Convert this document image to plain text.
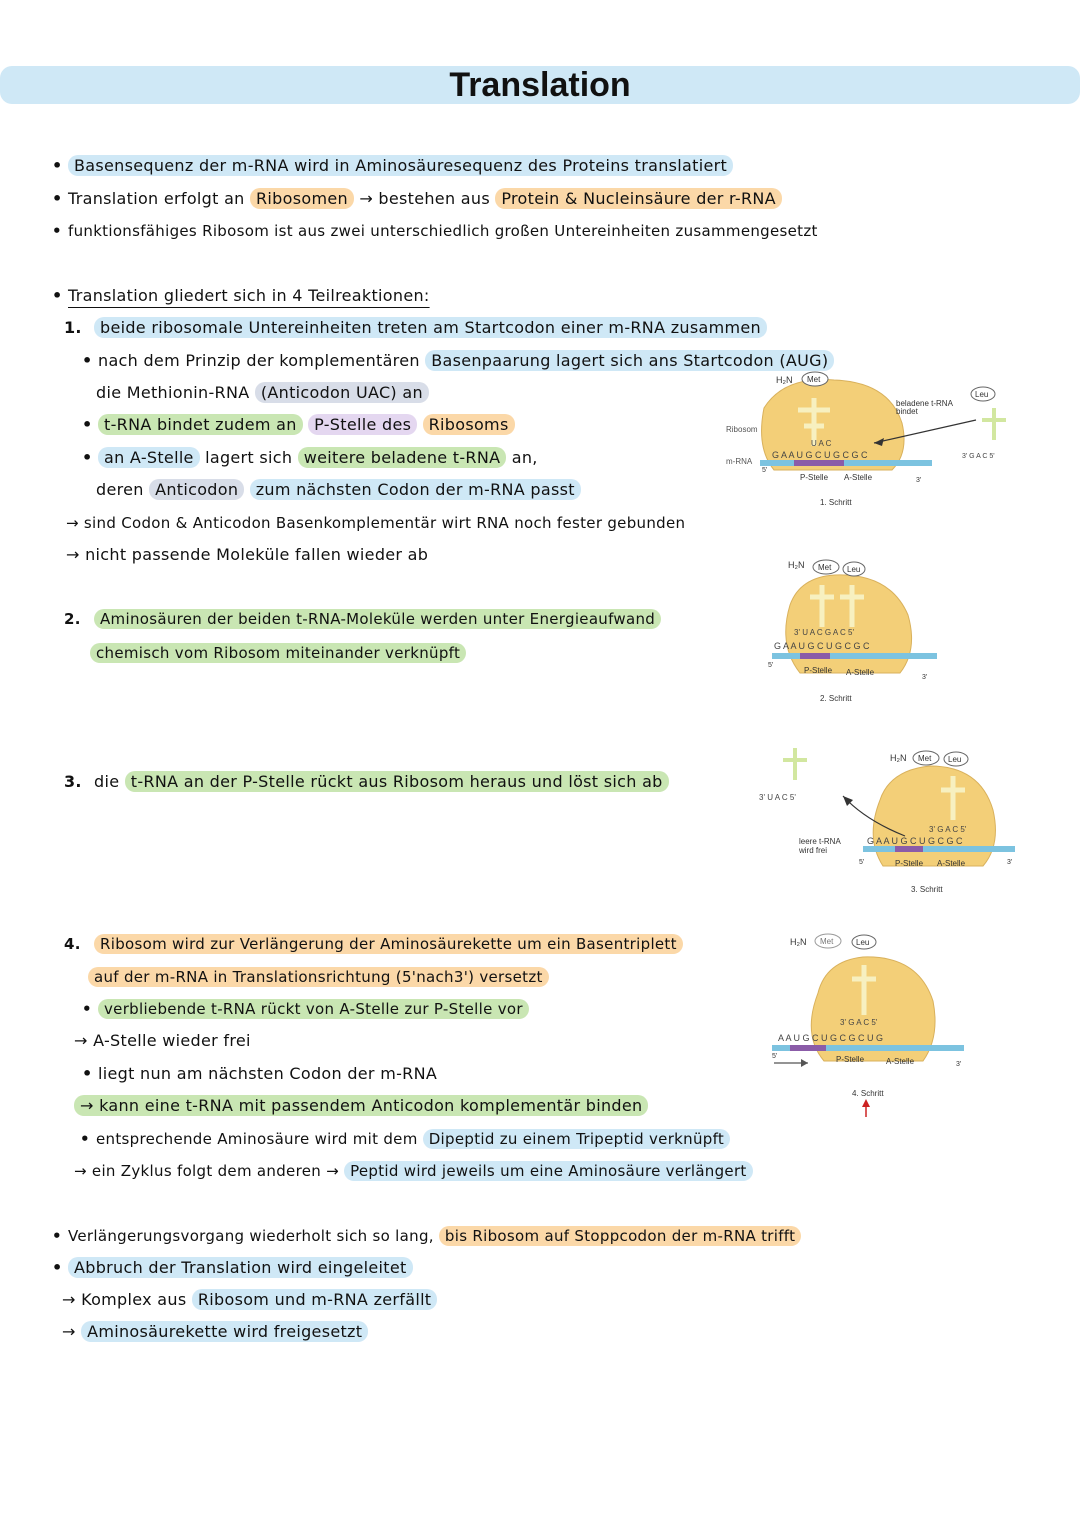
Translation
• Basensequenz der m-RNA wird in Aminosäuresequenz des Proteins translatiert
• Translation erfolgt an Ribosomen → bestehen aus Protein & Nucleinsäure der r-RNA
• funktionsfähiges Ribosom ist aus zwei unterschiedlich großen Untereinheiten zusammengesetzt
• Translation gliedert sich in 4 Teilreaktionen:
1. beide ribosomale Untereinheiten treten am Startcodon einer m-RNA zusammen
• nach dem Prinzip der komplementären Basenpaarung lagert sich ans Startcodon (AUG)
die Methionin-RNA (Anticodon UAC) an
• t-RNA bindet zudem an P-Stelle des Ribosoms
• an A-Stelle lagert sich weitere beladene t-RNA an,
deren Anticodon zum nächsten Codon der m-RNA passt
→ sind Codon & Anticodon Basenkomplementär wirt RNA noch fester gebunden
→ nicht passende Moleküle fallen wieder ab
2. Aminosäuren der beiden t-RNA-Moleküle werden unter Energieaufwand
chemisch vom Ribosom miteinander verknüpft
3. die t-RNA an der P-Stelle rückt aus Ribosom heraus und löst sich ab
4. Ribosom wird zur Verlängerung der Aminosäurekette um ein Basentriplett
auf der m-RNA in Translationsrichtung (5'nach3') versetzt
• verbliebende t-RNA rückt von A-Stelle zur P-Stelle vor
→ A-Stelle wieder frei
• liegt nun am nächsten Codon der m-RNA
→ kann eine t-RNA mit passendem Anticodon komplementär binden
• entsprechende Aminosäure wird mit dem Dipeptid zu einem Tripeptid verknüpft
→ ein Zyklus folgt dem anderen → Peptid wird jeweils um eine Aminosäure verlängert
• Verlängerungsvorgang wiederholt sich so lang, bis Ribosom auf Stoppcodon der m-RNA trifft
• Abbruch der Translation wird eingeleitet
→ Komplex aus Ribosom und m-RNA zerfällt
→ Aminosäurekette wird freigesetzt
H₂N Met
Leu
beladene t-RNA
bindet
Ribosom
m-RNA
U A C
G A A U G C U G C G C	3' G A C 5'
P-Stelle A-Stelle
5'
3'
1. Schritt
H₂N Met Leu
3' U A C G A C 5'
G A A U G C U G C G C
P-Stelle A-Stelle
5'
3'
2. Schritt
H₂N Met Leu
3' U A C 5'
leere t-RNA
wird frei
3' G A C 5'
G A A U G C U G C G C
P-Stelle A-Stelle
5'	3'
3. Schritt
H₂N Met	Leu
3' G A C 5'
A A U G C U G C G C U G
P-Stelle	A-Stelle
5'
3'
4. Schritt
